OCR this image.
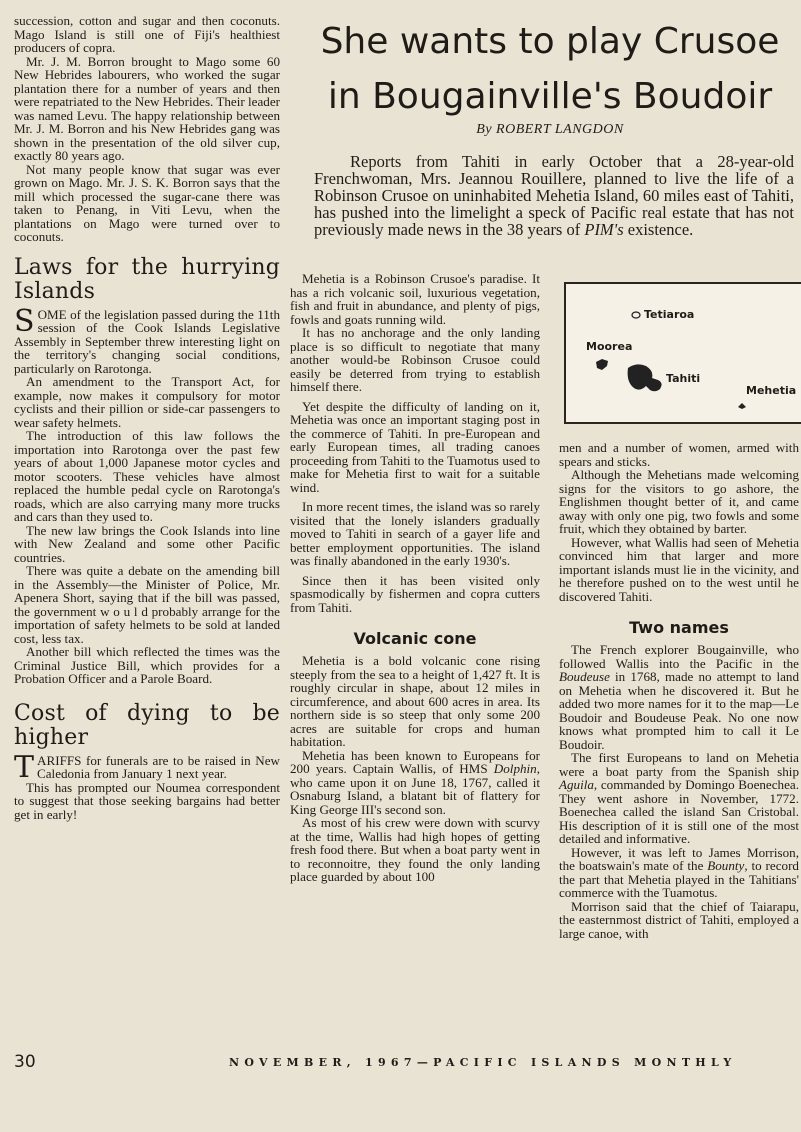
succession, cotton and sugar and then coconuts. Mago Island is still one of Fiji's healthiest producers of copra.

Mr. J. M. Borron brought to Mago some 60 New Hebrides labourers, who worked the sugar plantation there for a number of years and then were repatriated to the New Hebrides. Their leader was named Levu. The happy relationship between Mr. J. M. Borron and his New Hebrides gang was shown in the presentation of the old silver cup, exactly 80 years ago.

Not many people know that sugar was ever grown on Mago. Mr. J. S. K. Borron says that the mill which processed the sugar-cane there was taken to Penang, in Viti Levu, when the plantations on Mago were turned over to coconuts.

Laws for the hurrying Islands

SOME of the legislation passed during the 11th session of the Cook Islands Legislative Assembly in September threw interesting light on the territory's changing social conditions, particularly on Rarotonga.

An amendment to the Transport Act, for example, now makes it compulsory for motor cyclists and their pillion or side-car passengers to wear safety helmets.

The introduction of this law follows the importation into Rarotonga over the past few years of about 1,000 Japanese motor cycles and motor scooters. These vehicles have almost replaced the humble pedal cycle on Rarotonga's roads, which are also carrying many more trucks and cars than they used to.

The new law brings the Cook Islands into line with New Zealand and some other Pacific countries.

There was quite a debate on the amending bill in the Assembly—the Minister of Police, Mr. Apenera Short, saying that if the bill was passed, the government w o u l d probably arrange for the importation of safety helmets to be sold at landed cost, less tax.

Another bill which reflected the times was the Criminal Justice Bill, which provides for a Probation Officer and a Parole Board.

Cost of dying to be higher

TARIFFS for funerals are to be raised in New Caledonia from January 1 next year.

This has prompted our Noumea correspondent to suggest that those seeking bargains had better get in early!

She wants to play Crusoe in Bougainville's Boudoir
By ROBERT LANGDON

Reports from Tahiti in early October that a 28-year-old Frenchwoman, Mrs. Jeannou Rouillere, planned to live the life of a Robinson Crusoe on uninhabited Mehetia Island, 60 miles east of Tahiti, has pushed into the limelight a speck of Pacific real estate that has not previously made news in the 38 years of PIM's existence.

Mehetia is a Robinson Crusoe's paradise. It has a rich volcanic soil, luxurious vegetation, fish and fruit in abundance, and plenty of pigs, fowls and goats running wild.

It has no anchorage and the only landing place is so difficult to negotiate that many another would-be Robinson Crusoe could easily be deterred from trying to establish himself there.

Yet despite the difficulty of landing on it, Mehetia was once an important staging post in the commerce of Tahiti. In pre-European and early European times, all trading canoes proceeding from Tahiti to the Tuamotus used to make for Mehetia first to wait for a suitable wind.

In more recent times, the island was so rarely visited that the lonely islanders gradually moved to Tahiti in search of a gayer life and better employment opportunities. The island was finally abandoned in the early 1930's.

Since then it has been visited only spasmodically by fishermen and copra cutters from Tahiti.

Volcanic cone

Mehetia is a bold volcanic cone rising steeply from the sea to a height of 1,427 ft. It is roughly circular in shape, about 12 miles in circumference, and about 600 acres in area. Its northern side is so steep that only some 200 acres are suitable for crops and human habitation.

Mehetia has been known to Europeans for 200 years. Captain Wallis, of HMS Dolphin, who came upon it on June 18, 1767, called it Osnaburg Island, a blatant bit of flattery for King George III's second son.

As most of his crew were down with scurvy at the time, Wallis had high hopes of getting fresh food there. But when a boat party went in to reconnoitre, they found the only landing place guarded by about 100

Tetiaroa
Moorea
Tahiti
Mehetia

men and a number of women, armed with spears and sticks.

Although the Mehetians made welcoming signs for the visitors to go ashore, the Englishmen thought better of it, and came away with only one pig, two fowls and some fruit, which they obtained by barter.

However, what Wallis had seen of Mehetia convinced him that larger and more important islands must lie in the vicinity, and he therefore pushed on to the west until he discovered Tahiti.

Two names

The French explorer Bougainville, who followed Wallis into the Pacific in the Boudeuse in 1768, made no attempt to land on Mehetia when he discovered it. But he added two more names for it to the map—Le Boudoir and Boudeuse Peak. No one now knows what prompted him to call it Le Boudoir.

The first Europeans to land on Mehetia were a boat party from the Spanish ship Aguila, commanded by Domingo Boenechea. They went ashore in November, 1772. Boenechea called the island San Cristobal. His description of it is still one of the most detailed and informative.

However, it was left to James Morrison, the boatswain's mate of the Bounty, to record the part that Mehetia played in the Tahitians' commerce with the Tuamotus.

Morrison said that the chief of Taiarapu, the easternmost district of Tahiti, employed a large canoe, with

30	NOVEMBER, 1967—PACIFIC ISLANDS MONTHLY
